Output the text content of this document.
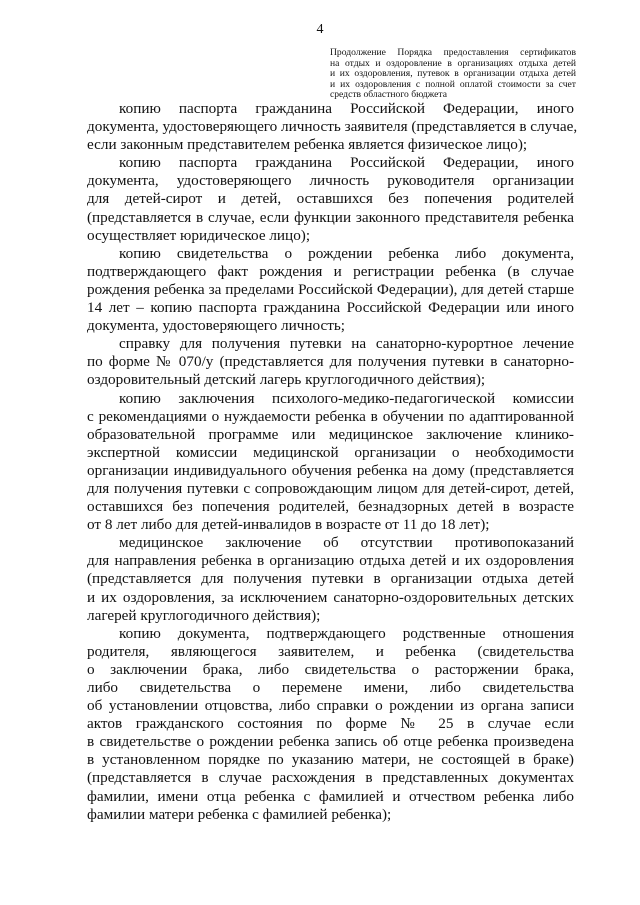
4
Продолжение Порядка предоставления сертификатов
на отдых и оздоровление в организациях отдыха детей
и их оздоровления, путевок в организации отдыха детей
и их оздоровления с полной оплатой стоимости за счет
средств областного бюджета
копию паспорта гражданина Российской Федерации, иного
документа, удостоверяющего личность заявителя (представляется в случае,
если законным представителем ребенка является физическое лицо);
копию паспорта гражданина Российской Федерации, иного
документа, удостоверяющего личность руководителя организации
для детей-сирот и детей, оставшихся без попечения родителей
(представляется в случае, если функции законного представителя ребенка
осуществляет юридическое лицо);
копию свидетельства о рождении ребенка либо документа,
подтверждающего факт рождения и регистрации ребенка (в случае
рождения ребенка за пределами Российской Федерации), для детей старше
14 лет – копию паспорта гражданина Российской Федерации или иного
документа, удостоверяющего личность;
справку для получения путевки на санаторно-курортное лечение
по форме № 070/у (представляется для получения путевки в санаторно-
оздоровительный детский лагерь круглогодичного действия);
копию заключения психолого-медико-педагогической комиссии
с рекомендациями о нуждаемости ребенка в обучении по адаптированной
образовательной программе или медицинское заключение клинико-
экспертной комиссии медицинской организации о необходимости
организации индивидуального обучения ребенка на дому (представляется
для получения путевки с сопровождающим лицом для детей-сирот, детей,
оставшихся без попечения родителей, безнадзорных детей в возрасте
от 8 лет либо для детей-инвалидов в возрасте от 11 до 18 лет);
медицинское заключение об отсутствии противопоказаний
для направления ребенка в организацию отдыха детей и их оздоровления
(представляется для получения путевки в организации отдыха детей
и их оздоровления, за исключением санаторно-оздоровительных детских
лагерей круглогодичного действия);
копию документа, подтверждающего родственные отношения
родителя, являющегося заявителем, и ребенка (свидетельства
о заключении брака, либо свидетельства о расторжении брака,
либо свидетельства о перемене имени, либо свидетельства
об установлении отцовства, либо справки о рождении из органа записи
актов гражданского состояния по форме № 25 в случае если
в свидетельстве о рождении ребенка запись об отце ребенка произведена
в установленном порядке по указанию матери, не состоящей в браке)
(представляется в случае расхождения в представленных документах
фамилии, имени отца ребенка с фамилией и отчеством ребенка либо
фамилии матери ребенка с фамилией ребенка);
